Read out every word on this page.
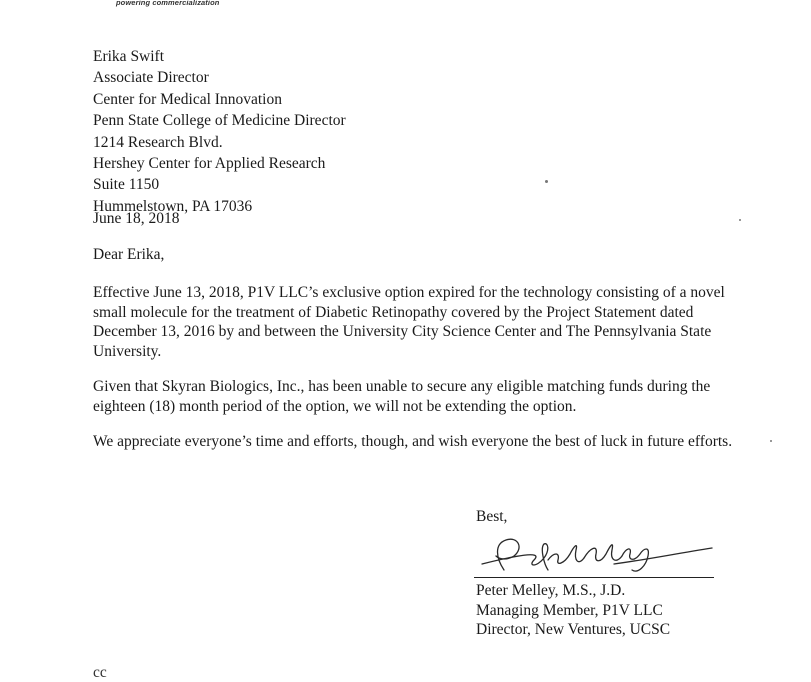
powering commercialization
Erika Swift
Associate Director
Center for Medical Innovation
Penn State College of Medicine Director
1214 Research Blvd.
Hershey Center for Applied Research
Suite 1150
Hummelstown, PA 17036
June 18, 2018
Dear Erika,

Effective June 13, 2018, P1V LLC’s exclusive option expired for the technology consisting of a novel small molecule for the treatment of Diabetic Retinopathy covered by the Project Statement dated December 13, 2016 by and between the University City Science Center and The Pennsylvania State University.

Given that Skyran Biologics, Inc., has been unable to secure any eligible matching funds during the eighteen (18) month period of the option, we will not be extending the option.

We appreciate everyone’s time and efforts, though, and wish everyone the best of luck in future efforts.

Best,
Peter Melley, M.S., J.D.
Managing Member, P1V LLC
Director, New Ventures, UCSC
cc
